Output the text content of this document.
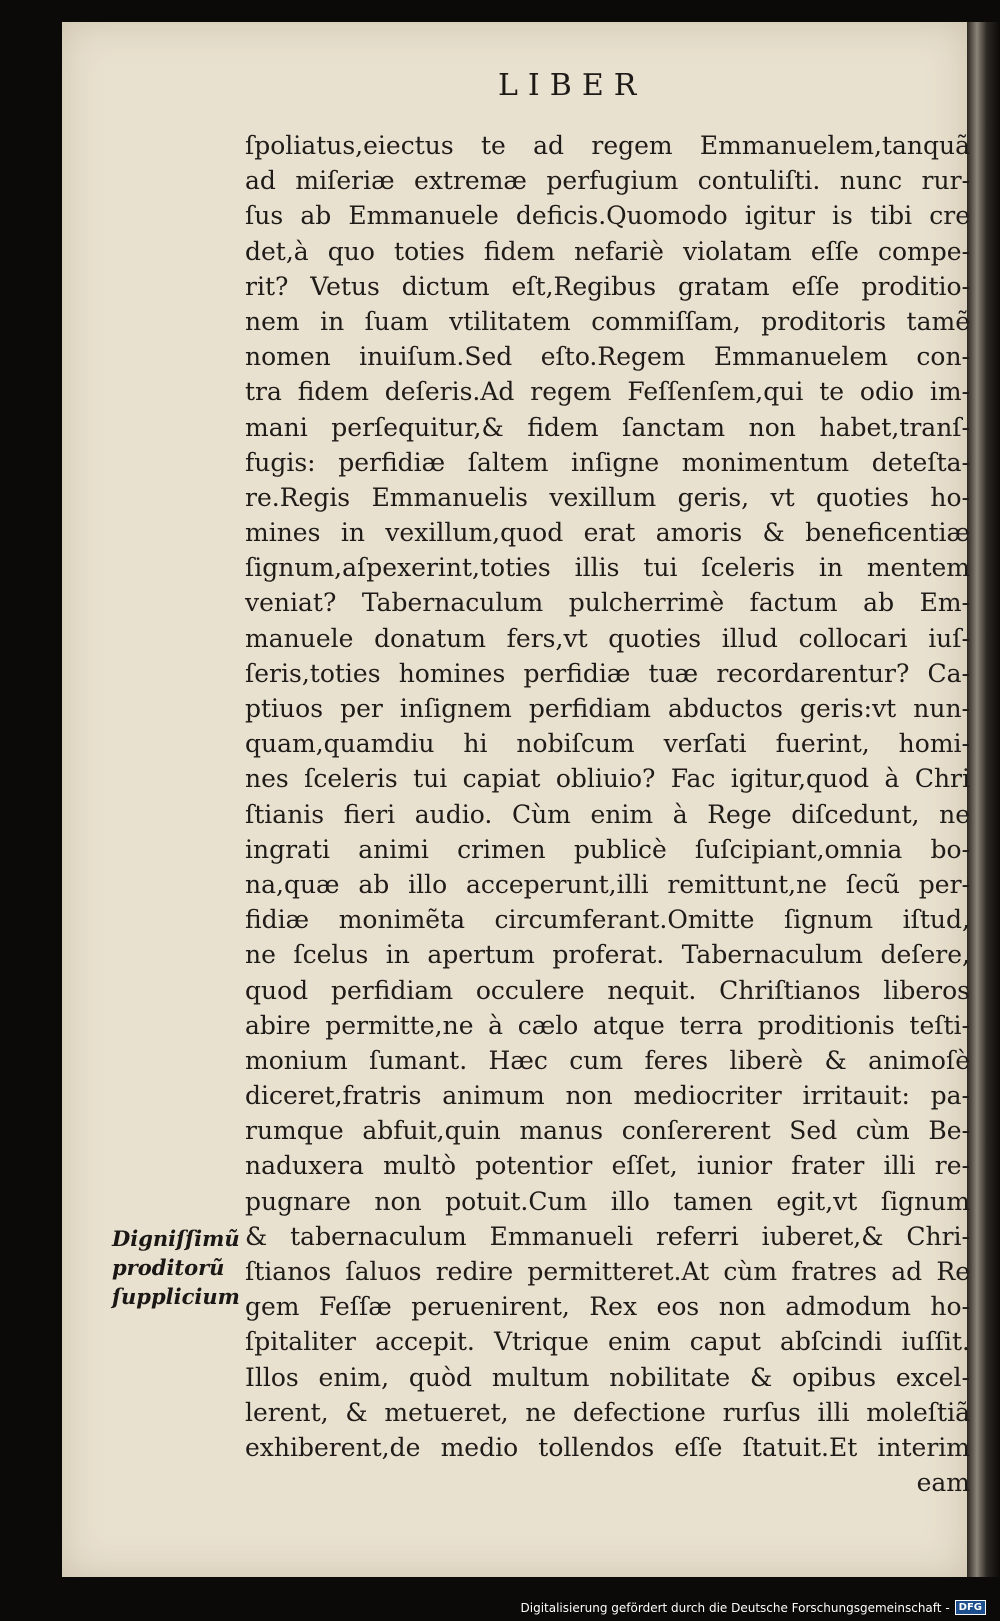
LIBER
ſpoliatus,eiectus te ad regem Emmanuelem,tanquã
ad miſeriæ extremæ perfugium contuliſti. nunc rur-
ſus ab Emmanuele deficis.Quomodo igitur is tibi cre
det,à quo toties fidem nefariè violatam eſſe compe-
rit? Vetus dictum eſt,Regibus gratam eſſe proditio-
nem in ſuam vtilitatem commiſſam, proditoris tamẽ
nomen inuiſum.Sed eſto.Regem Emmanuelem con-
tra fidem deſeris.Ad regem Feſſenſem,qui te odio im-
mani perſequitur,& fidem ſanctam non habet,tranſ-
fugis: perfidiæ ſaltem inſigne monimentum deteſta-
re.Regis Emmanuelis vexillum geris, vt quoties ho-
mines in vexillum,quod erat amoris & beneficentiæ
ſignum,aſpexerint,toties illis tui ſceleris in mentem
veniat? Tabernaculum pulcherrimè factum ab Em-
manuele donatum fers,vt quoties illud collocari iuſ-
ſeris,toties homines perfidiæ tuæ recordarentur? Ca-
ptiuos per inſignem perfidiam abductos geris:vt nun-
quam,quamdiu hi nobiſcum verſati fuerint, homi-
nes ſceleris tui capiat obliuio? Fac igitur,quod à Chri
ſtianis fieri audio. Cùm enim à Rege diſcedunt, ne
ingrati animi crimen publicè ſuſcipiant,omnia bo-
na,quæ ab illo acceperunt,illi remittunt,ne ſecũ per-
fidiæ monimẽta circumferant.Omitte ſignum iſtud,
ne ſcelus in apertum proferat. Tabernaculum deſere,
quod perfidiam occulere nequit. Chriſtianos liberos
abire permitte,ne à cælo atque terra proditionis teſti-
monium ſumant. Hæc cum feres liberè & animoſè
diceret,fratris animum non mediocriter irritauit: pa-
rumque abfuit,quin manus conſererent Sed cùm Be-
naduxera multò potentior eſſet, iunior frater illi re-
pugnare non potuit.Cum illo tamen egit,vt ſignum
& tabernaculum Emmanueli referri iuberet,& Chri-
ſtianos ſaluos redire permitteret.At cùm fratres ad Re
gem Feſſæ peruenirent, Rex eos non admodum ho-
ſpitaliter accepit. Vtrique enim caput abſcindi iuſſit.
Illos enim, quòd multum nobilitate & opibus excel-
lerent, & metueret, ne defectione rurſus illi moleſtiã
exhiberent,de medio tollendos eſſe ſtatuit.Et interim
eam
Digniſſimũ
proditorũ
ſupplicium
Digitalisierung gefördert durch die Deutsche Forschungsgemeinschaft - DFG
